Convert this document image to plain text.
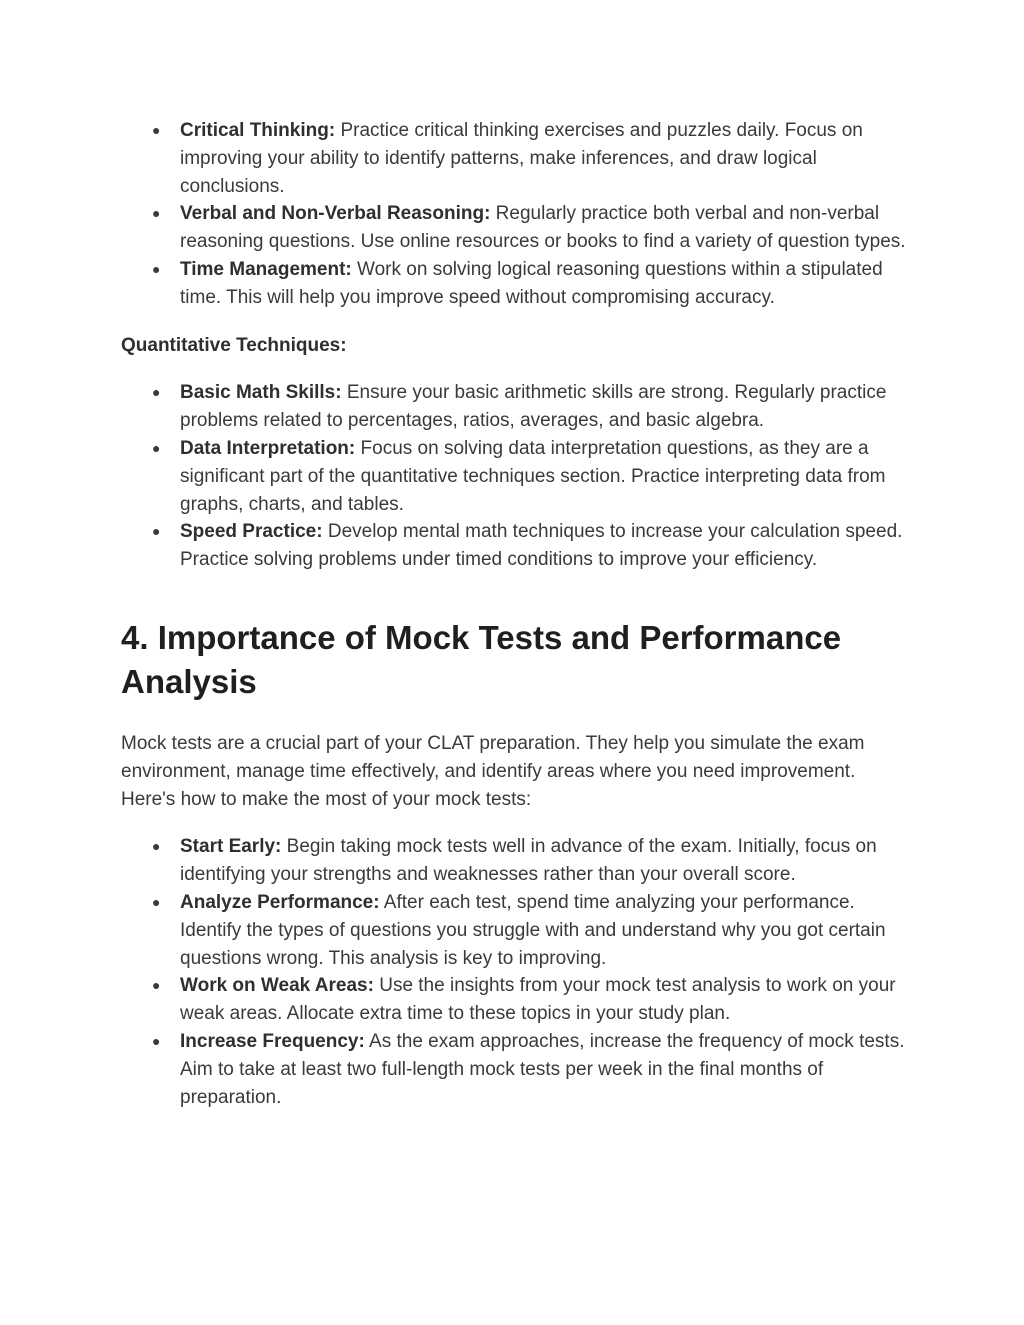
● Critical Thinking: Practice critical thinking exercises and puzzles daily. Focus on improving your ability to identify patterns, make inferences, and draw logical conclusions.
● Verbal and Non-Verbal Reasoning: Regularly practice both verbal and non-verbal reasoning questions. Use online resources or books to find a variety of question types.
● Time Management: Work on solving logical reasoning questions within a stipulated time. This will help you improve speed without compromising accuracy.
Quantitative Techniques:
● Basic Math Skills: Ensure your basic arithmetic skills are strong. Regularly practice problems related to percentages, ratios, averages, and basic algebra.
● Data Interpretation: Focus on solving data interpretation questions, as they are a significant part of the quantitative techniques section. Practice interpreting data from graphs, charts, and tables.
● Speed Practice: Develop mental math techniques to increase your calculation speed. Practice solving problems under timed conditions to improve your efficiency.
4. Importance of Mock Tests and Performance Analysis

Mock tests are a crucial part of your CLAT preparation. They help you simulate the exam environment, manage time effectively, and identify areas where you need improvement. Here's how to make the most of your mock tests:

● Start Early: Begin taking mock tests well in advance of the exam. Initially, focus on identifying your strengths and weaknesses rather than your overall score.
● Analyze Performance: After each test, spend time analyzing your performance. Identify the types of questions you struggle with and understand why you got certain questions wrong. This analysis is key to improving.
● Work on Weak Areas: Use the insights from your mock test analysis to work on your weak areas. Allocate extra time to these topics in your study plan.
● Increase Frequency: As the exam approaches, increase the frequency of mock tests. Aim to take at least two full-length mock tests per week in the final months of preparation.
